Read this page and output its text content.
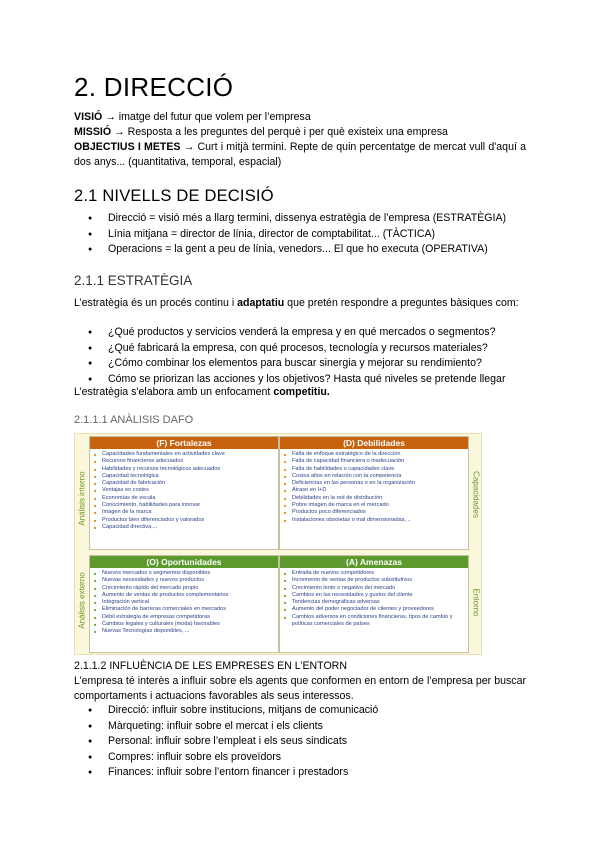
2. DIRECCIÓ
VISIÓ → imatge del futur que volem per l’empresa
MISSIÓ → Resposta a les preguntes del perquè i per què existeix una empresa
OBJECTIUS I METES → Curt i mitjà termini. Repte de quin percentatge de mercat vull d'aquí a dos anys... (quantitativa, temporal, espacial)
2.1 NIVELLS DE DECISIÓ
● Direcció = visió més a llarg termini, dissenya estratègia de l’empresa (ESTRATÈGIA)
● Línia mitjana = director de línia, director de comptabilitat... (TÀCTICA)
● Operacions = la gent a peu de línia, venedors... El que ho executa (OPERATIVA)
2.1.1 ESTRATÈGIA
L’estratègia és un procés continu i adaptatiu que pretén respondre a preguntes bàsiques com:
● ¿Qué productos y servicios venderá la empresa y en qué mercados o segmentos?
● ¿Qué fabricará la empresa, con qué procesos, tecnología y recursos materiales?
● ¿Cómo combinar los elementos para buscar sinergia y mejorar su rendimiento?
● Cómo se priorizan las acciones y los objetivos? Hasta qué niveles se pretende llegar
L’estratègia s'elabora amb un enfocament competitiu.
2.1.1.1 ANÀLISIS DAFO
Análisis interno
Análisis externo
Capacidades
Entorno
(F) Fortalezas
■ Capacidades fundamentales en actividades clave
■ Recursos financieros adecuados
■ Habilidades y recursos tecnológicos adecuados
■ Capacidad tecnológica
■ Capacidad de fabricación
■ Ventajas en costes
■ Economías de escala
■ Conocimiento, habilidades para innovar
■ Imagen de la marca
■ Productos bien diferenciados y valorados
■ Capacidad directiva,...
(D) Debilidades
■ Falta de enfoque estratégico de la dirección
■ Falta de capacidad financiera o inadecuación
■ Falta de habilidades o capacidades clave
■ Costos altos en relación con la competencia
■ Deficiencias en las personas o en la organización
■ Atraso en I+D
■ Debilidades en la red de distribución
■ Pobre imagen de marca en el mercado
■ Productos poco diferenciados
■ Instalaciones obsoletas o mal dimensionadas, ..
(O) Oportunidades
■ Nuevos mercados o segmentos disponibles
■ Nuevas necesidades y nuevos productos
■ Crecimiento rápido del mercado propio
■ Aumento de ventas de productos complementarios
■ Integración vertical
■ Eliminación de barreras comerciales en mercados
■ Débil estrategia de empresas competidoras
■ Cambios legales y culturales (moda) favorables
■ Nuevas Tecnologías disponibles, ...
(A) Amenazas
■ Entrada de nuevos competidores
■ Incremento de ventas de productos substitutivos
■ Crecimiento lento o negativo del mercado
■ Cambios en las necesidades y gustos del cliente
■ Tendencias demográficas adversas
■ Aumento del poder negociador de clientes y proveedores
■ Cambios adversos en condiciones financieras, tipos de cambio y políticas comerciales de países
2.1.1.2 INFLUÈNCIA DE LES EMPRESES EN L’ENTORN
L’empresa té interès a influir sobre els agents que conformen en entorn de l’empresa per buscar comportaments i actuacions favorables als seus interessos.
● Direcció: influir sobre institucions, mitjans de comunicació
● Màrqueting: influir sobre el mercat i els clients
● Personal: influir sobre l’empleat i els seus sindicats
● Compres: influir sobre els proveïdors
● Finances: influir sobre l’entorn financer i prestadors
